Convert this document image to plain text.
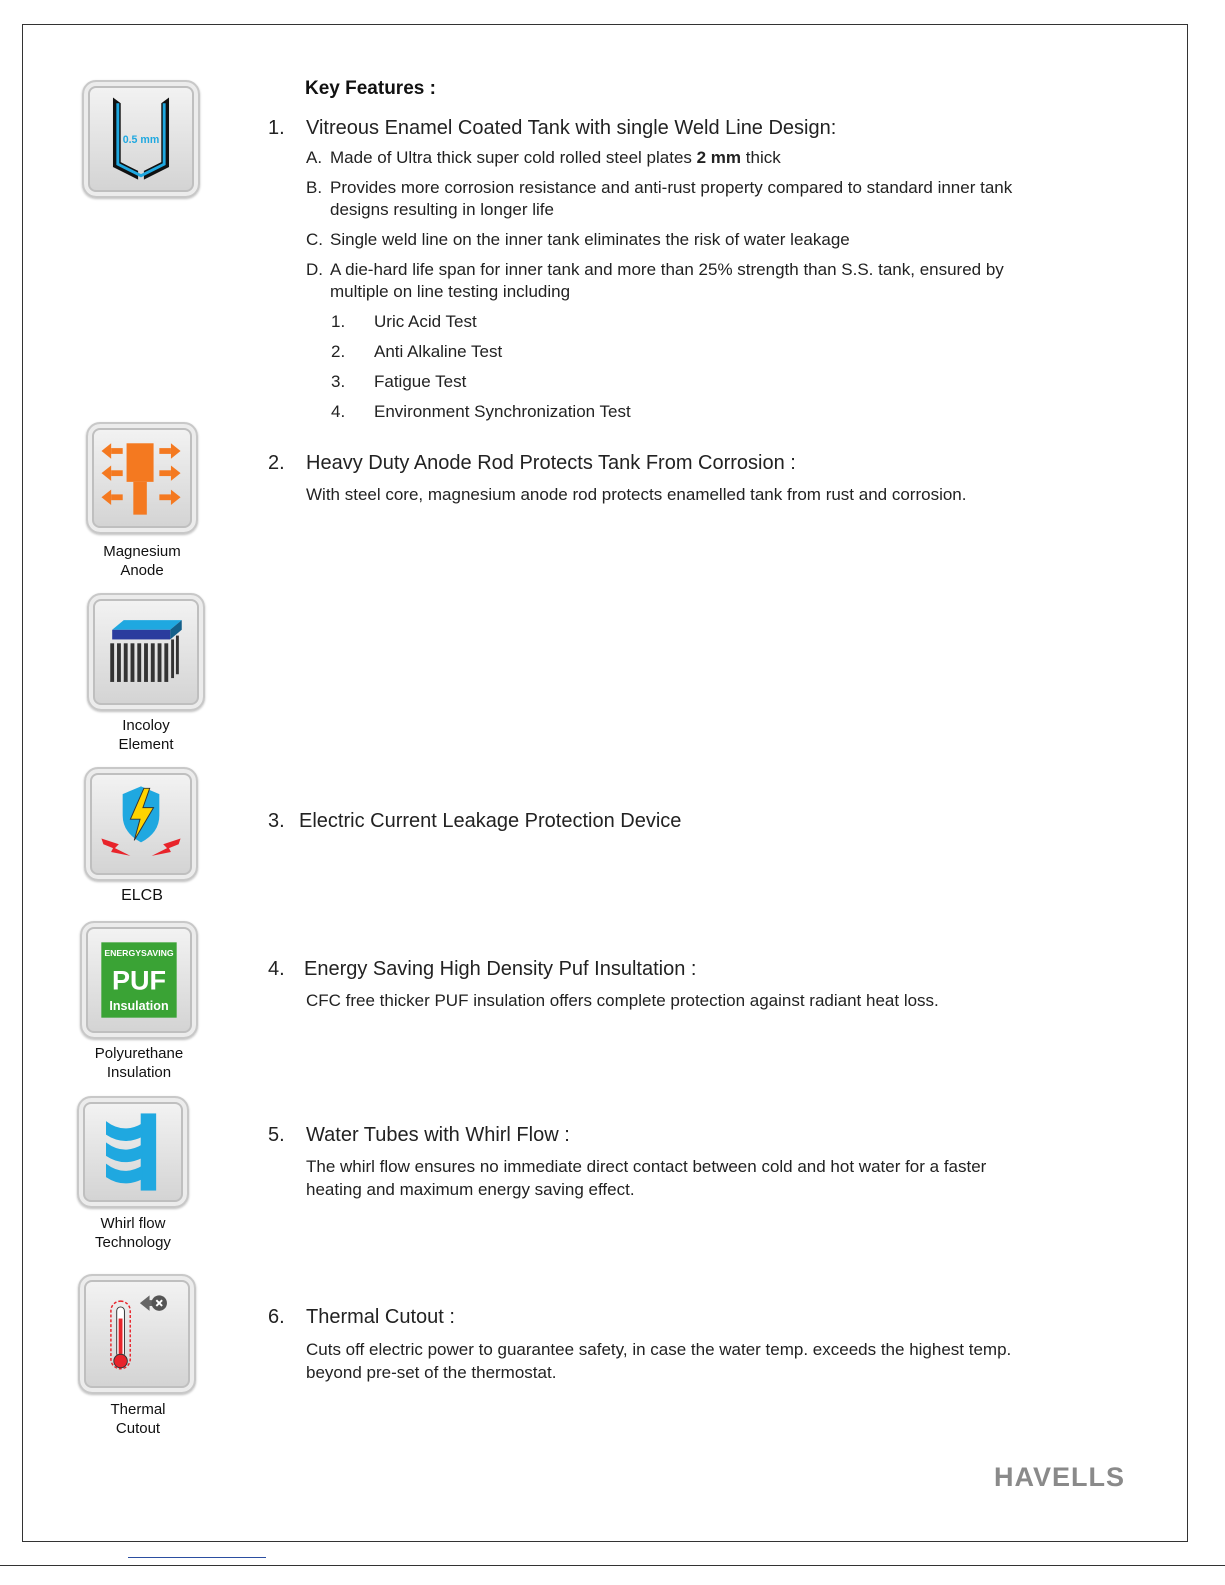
0.5 mm
Magnesium
Anode
Incoloy
Element
ELCB
ENERGYSAVING
PUF
Insulation
Polyurethane
Insulation
Whirl flow
Technology
Thermal
Cutout
Key Features :
1. Vitreous Enamel Coated Tank with single Weld Line Design:
A. Made of Ultra thick super cold rolled steel plates 2 mm thick
B. Provides more corrosion resistance and anti-rust property compared to standard inner tank
designs resulting in longer life
C. Single weld line on the inner tank eliminates the risk of water leakage
D. A die-hard life span for inner tank and more than 25% strength than S.S. tank, ensured by
multiple on line testing including
1. Uric Acid Test
2. Anti Alkaline Test
3. Fatigue Test
4. Environment Synchronization Test
2. Heavy Duty Anode Rod Protects Tank From Corrosion :
With steel core, magnesium anode rod protects enamelled tank from rust and corrosion.
3. Electric Current Leakage Protection Device
4. Energy Saving High Density Puf Insultation :
CFC free thicker PUF insulation offers complete protection against radiant heat loss.
5. Water Tubes with Whirl Flow :
The whirl flow ensures no immediate direct contact between cold and hot water for a faster
heating and maximum energy saving effect.
6. Thermal Cutout :
Cuts off electric power to guarantee safety, in case the water temp. exceeds the highest temp.
beyond pre-set of the thermostat.
HAVELLS
